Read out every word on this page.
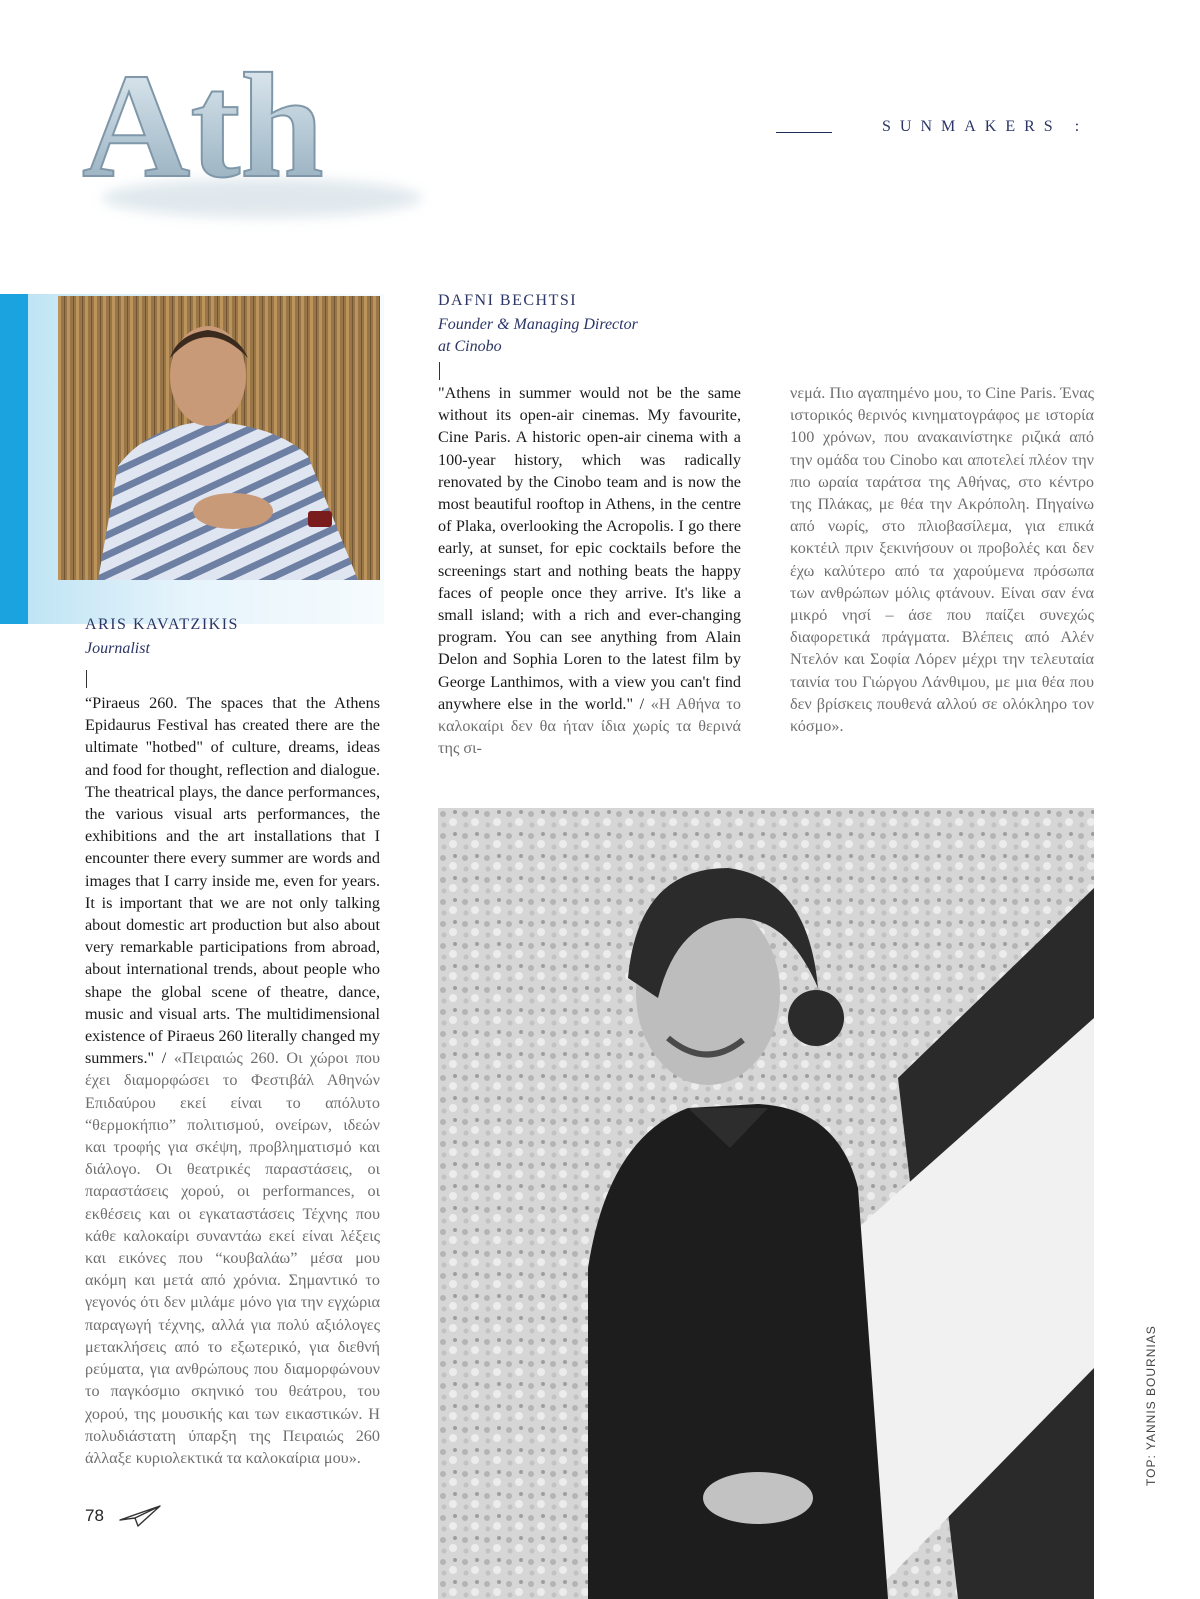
Ath	SUNMAKERS :
ARIS KAVATZIKIS
Journalist
“Piraeus 260. The spaces that the Athens Epidaurus Festival has created there are the ultimate "hotbed" of culture, dreams, ideas and food for thought, reflection and dialogue. The theatrical plays, the dance performances, the various visual arts performances, the exhibitions and the art installations that I encounter there every summer are words and images that I carry inside me, even for years. It is important that we are not only talking about domestic art production but also about very remarkable participations from abroad, about international trends, about people who shape the global scene of theatre, dance, music and visual arts. The multidimensional existence of Piraeus 260 literally changed my summers." / «Πειραιώς 260. Οι χώροι που έχει διαμορφώσει το Φεστιβάλ Αθηνών Επιδαύρου εκεί είναι το απόλυτο “θερμοκήπιο” πολιτισμού, ονείρων, ιδεών και τροφής για σκέψη, προβληματισμό και διάλογο. Οι θεατρικές παραστάσεις, οι παραστάσεις χορού, οι performances, οι εκθέσεις και οι εγκαταστάσεις Τέχνης που κάθε καλοκαίρι συναντάω εκεί είναι λέξεις και εικόνες που “κουβαλάω” μέσα μου ακόμη και μετά από χρόνια. Σημαντικό το γεγονός ότι δεν μιλάμε μόνο για την εγχώρια παραγωγή τέχνης, αλλά για πολύ αξιόλογες μετακλήσεις από το εξωτερικό, για διεθνή ρεύματα, για ανθρώπους που διαμορφώνουν το παγκόσμιο σκηνικό του θεάτρου, του χορού, της μουσικής και των εικαστικών. Η πολυδιάστατη ύπαρξη της Πειραιώς 260 άλλαξε κυριολεκτικά τα καλοκαίρια μου».
DAFNI BECHTSI
Founder & Managing Director
at Cinobo
"Athens in summer would not be the same without its open-air cinemas. My favourite, Cine Paris. A historic open-air cinema with a 100-year history, which was radically renovated by the Cinobo team and is now the most beautiful rooftop in Athens, in the centre of Plaka, overlooking the Acropolis. I go there early, at sunset, for epic cocktails before the screenings start and nothing beats the happy faces of people once they arrive. It's like a small island; with a rich and ever-changing program. You can see anything from Alain Delon and Sophia Loren to the latest film by George Lanthimos, with a view you can't find anywhere else in the world." / «Η Αθήνα το καλοκαίρι δεν θα ήταν ίδια χωρίς τα θερινά της σι-
νεμά. Πιο αγαπημένο μου, το Cine Paris. Ένας ιστορικός θερινός κινηματογράφος με ιστορία 100 χρόνων, που ανακαινίστηκε ριζικά από την ομάδα του Cinobo και αποτελεί πλέον την πιο ωραία ταράτσα της Αθήνας, στο κέντρο της Πλάκας, με θέα την Ακρόπολη. Πηγαίνω από νωρίς, στο πλιοβασίλεμα, για επικά κοκτέιλ πριν ξεκινήσουν οι προβολές και δεν έχω καλύτερο από τα χαρούμενα πρόσωπα των ανθρώπων μόλις φτάνουν. Είναι σαν ένα μικρό νησί – άσε που παίζει συνεχώς διαφορετικά πράγματα. Βλέπεις από Αλέν Ντελόν και Σοφία Λόρεν μέχρι την τελευταία ταινία του Γιώργου Λάνθιμου, με μια θέα που δεν βρίσκεις πουθενά αλλού σε ολόκληρο τον κόσμο».
78
TOP: YANNIS BOURNIAS
